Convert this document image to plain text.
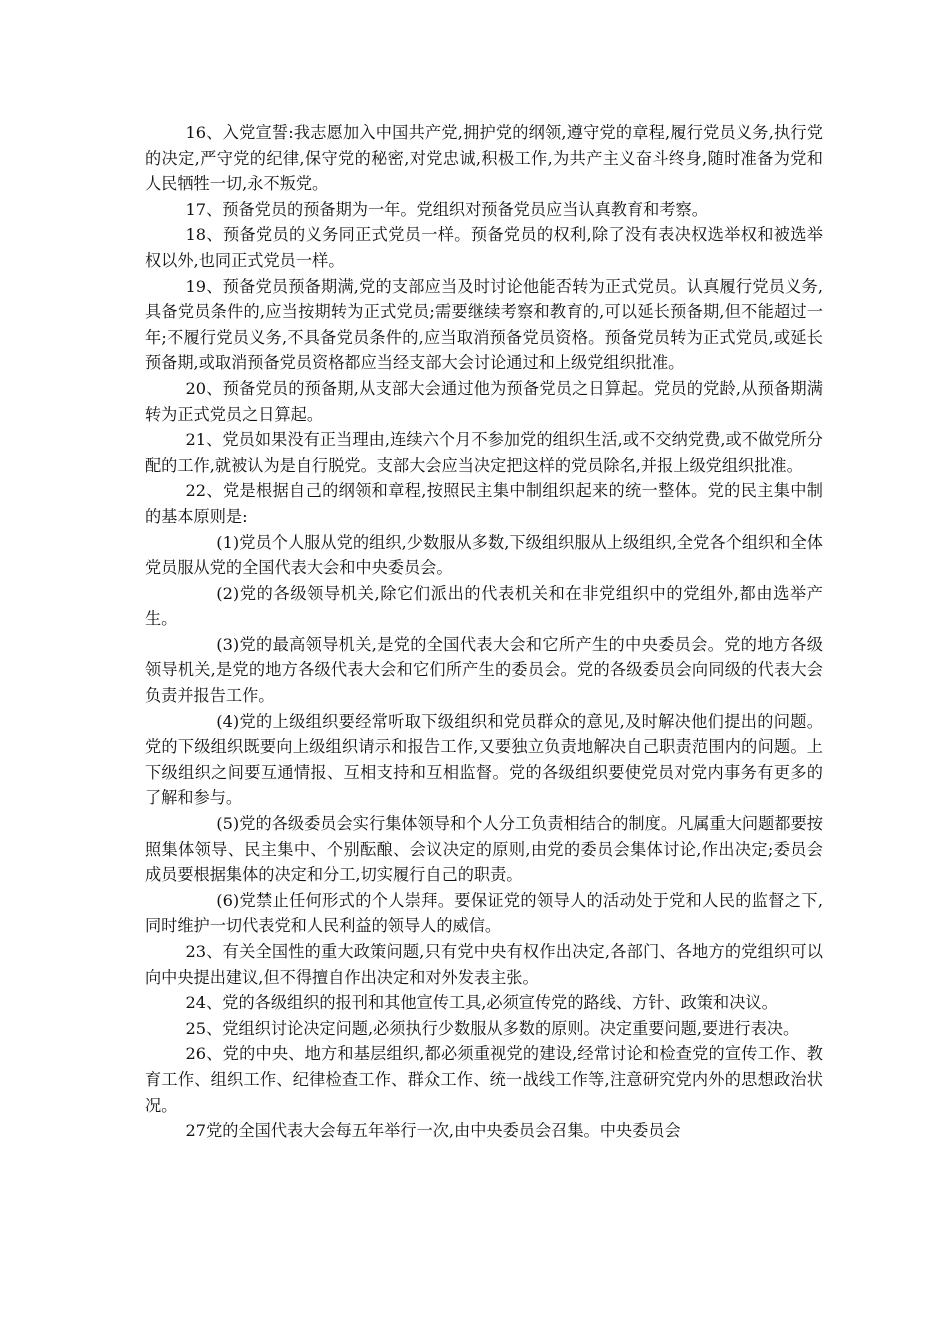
16、入党宣誓:我志愿加入中国共产党,拥护党的纲领,遵守党的章程,履行党员义务,执行党的决定,严守党的纪律,保守党的秘密,对党忠诚,积极工作,为共产主义奋斗终身,随时准备为党和人民牺牲一切,永不叛党。

17、预备党员的预备期为一年。党组织对预备党员应当认真教育和考察。

18、预备党员的义务同正式党员一样。预备党员的权利,除了没有表决权选举权和被选举权以外,也同正式党员一样。

19、预备党员预备期满,党的支部应当及时讨论他能否转为正式党员。认真履行党员义务,具备党员条件的,应当按期转为正式党员;需要继续考察和教育的,可以延长预备期,但不能超过一年;不履行党员义务,不具备党员条件的,应当取消预备党员资格。预备党员转为正式党员,或延长预备期,或取消预备党员资格都应当经支部大会讨论通过和上级党组织批准。

20、预备党员的预备期,从支部大会通过他为预备党员之日算起。党员的党龄,从预备期满转为正式党员之日算起。

21、党员如果没有正当理由,连续六个月不参加党的组织生活,或不交纳党费,或不做党所分配的工作,就被认为是自行脱党。支部大会应当决定把这样的党员除名,并报上级党组织批准。

22、党是根据自己的纲领和章程,按照民主集中制组织起来的统一整体。党的民主集中制的基本原则是:

(1)党员个人服从党的组织,少数服从多数,下级组织服从上级组织,全党各个组织和全体党员服从党的全国代表大会和中央委员会。

(2)党的各级领导机关,除它们派出的代表机关和在非党组织中的党组外,都由选举产生。

(3)党的最高领导机关,是党的全国代表大会和它所产生的中央委员会。党的地方各级领导机关,是党的地方各级代表大会和它们所产生的委员会。党的各级委员会向同级的代表大会负责并报告工作。

(4)党的上级组织要经常听取下级组织和党员群众的意见,及时解决他们提出的问题。党的下级组织既要向上级组织请示和报告工作,又要独立负责地解决自己职责范围内的问题。上下级组织之间要互通情报、互相支持和互相监督。党的各级组织要使党员对党内事务有更多的了解和参与。

(5)党的各级委员会实行集体领导和个人分工负责相结合的制度。凡属重大问题都要按照集体领导、民主集中、个别酝酿、会议决定的原则,由党的委员会集体讨论,作出决定;委员会成员要根据集体的决定和分工,切实履行自己的职责。

(6)党禁止任何形式的个人崇拜。要保证党的领导人的活动处于党和人民的监督之下,同时维护一切代表党和人民利益的领导人的威信。

23、有关全国性的重大政策问题,只有党中央有权作出决定,各部门、各地方的党组织可以向中央提出建议,但不得擅自作出决定和对外发表主张。

24、党的各级组织的报刊和其他宣传工具,必须宣传党的路线、方针、政策和决议。

25、党组织讨论决定问题,必须执行少数服从多数的原则。决定重要问题,要进行表决。

26、党的中央、地方和基层组织,都必须重视党的建设,经常讨论和检查党的宣传工作、教育工作、组织工作、纪律检查工作、群众工作、统一战线工作等,注意研究党内外的思想政治状况。

27党的全国代表大会每五年举行一次,由中央委员会召集。中央委员会
